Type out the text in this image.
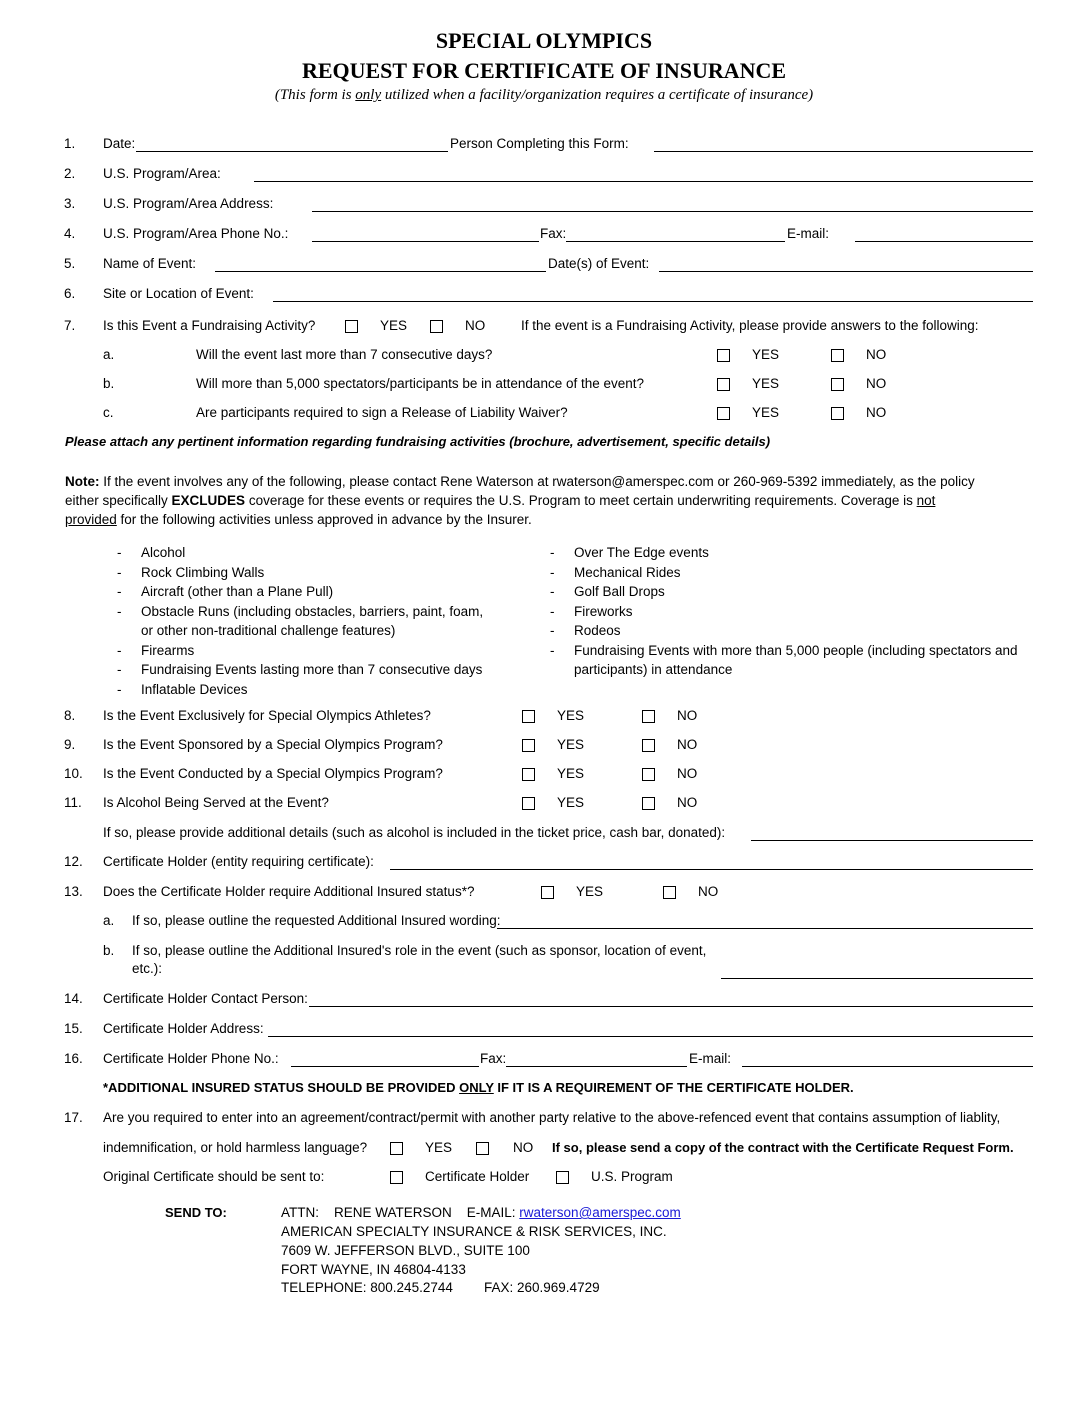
SPECIAL OLYMPICS
REQUEST FOR CERTIFICATE OF INSURANCE
(This form is only utilized when a facility/organization requires a certificate of insurance)
1. Date:	Person Completing this Form:
2. U.S. Program/Area:
3. U.S. Program/Area Address:
4. U.S. Program/Area Phone No.:	Fax:	E-mail:
5. Name of Event:	Date(s) of Event:
6. Site or Location of Event:
7. Is this Event a Fundraising Activity?	YES	NO	If the event is a Fundraising Activity, please provide answers to the following:
a.	Will the event last more than 7 consecutive days?	YES	NO
b.	Will more than 5,000 spectators/participants be in attendance of the event?	YES	NO
c.	Are participants required to sign a Release of Liability Waiver?	YES	NO
Please attach any pertinent information regarding fundraising activities (brochure, advertisement, specific details)
Note: If the event involves any of the following, please contact Rene Waterson at rwaterson@amerspec.com or 260-969-5392 immediately, as the policy either specifically EXCLUDES coverage for these events or requires the U.S. Program to meet certain underwriting requirements. Coverage is not provided for the following activities unless approved in advance by the Insurer.
- Alcohol
- Rock Climbing Walls
- Aircraft (other than a Plane Pull)
- Obstacle Runs (including obstacles, barriers, paint, foam, or other non-traditional challenge features)
- Firearms
- Fundraising Events lasting more than 7 consecutive days
- Inflatable Devices
- Over The Edge events
- Mechanical Rides
- Golf Ball Drops
- Fireworks
- Rodeos
- Fundraising Events with more than 5,000 people (including spectators and participants) in attendance
8. Is the Event Exclusively for Special Olympics Athletes?	YES	NO
9. Is the Event Sponsored by a Special Olympics Program?	YES	NO
10. Is the Event Conducted by a Special Olympics Program?	YES	NO
11. Is Alcohol Being Served at the Event?	YES	NO
If so, please provide additional details (such as alcohol is included in the ticket price, cash bar, donated):
12. Certificate Holder (entity requiring certificate):
13. Does the Certificate Holder require Additional Insured status*?	YES	NO
a. If so, please outline the requested Additional Insured wording:
b. If so, please outline the Additional Insured's role in the event (such as sponsor, location of event,
etc.):
14. Certificate Holder Contact Person:
15. Certificate Holder Address:
16. Certificate Holder Phone No.:	Fax:	E-mail:
*ADDITIONAL INSURED STATUS SHOULD BE PROVIDED ONLY IF IT IS A REQUIREMENT OF THE CERTIFICATE HOLDER.
17. Are you required to enter into an agreement/contract/permit with another party relative to the above-refenced event that contains assumption of liablity,
indemnification, or hold harmless language?	YES	NO If so, please send a copy of the contract with the Certificate Request Form.
Original Certificate should be sent to:	Certificate Holder	U.S. Program
SEND TO:	ATTN:    RENE WATERSON    E-MAIL: rwaterson@amerspec.com
AMERICAN SPECIALTY INSURANCE & RISK SERVICES, INC.
7609 W. JEFFERSON BLVD., SUITE 100
FORT WAYNE, IN 46804-4133
TELEPHONE: 800.245.2744 FAX: 260.969.4729
